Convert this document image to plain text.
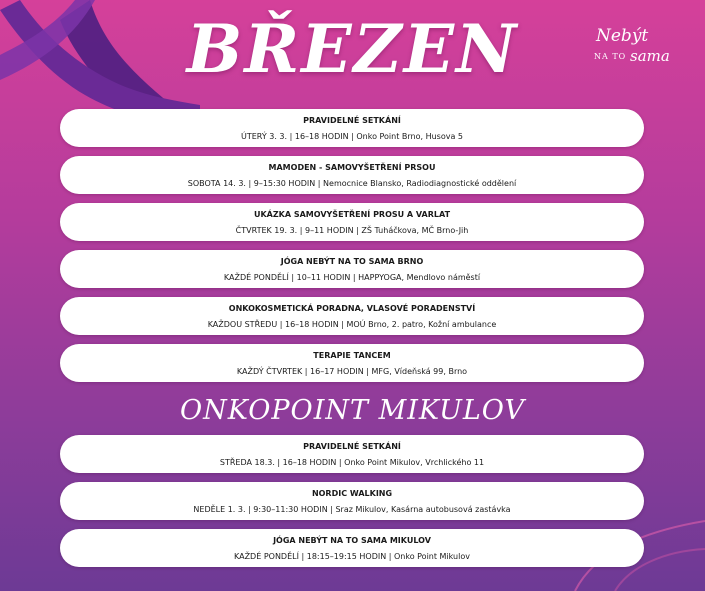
BŘEZEN	Nebýt
NA TO sama
PRAVIDELNÉ SETKÁNÍ
ÚTERÝ 3. 3. | 16–18 HODIN | Onko Point Brno, Husova 5
MAMODEN - SAMOVYŠETŘENÍ PRSOU
SOBOTA 14. 3. | 9–15:30 HODIN | Nemocnice Blansko, Radiodiagnostické oddělení
UKÁZKA SAMOVYŠETŘENÍ PROSU A VARLAT
ČTVRTEK 19. 3. | 9–11 HODIN | ZŠ Tuháčkova, MČ Brno-Jih
JÓGA NEBÝT NA TO SAMA BRNO
KAŽDÉ PONDĚLÍ | 10–11 HODIN | HAPPYOGA, Mendlovo náměstí
ONKOKOSMETICKÁ PORADNA, VLASOVÉ PORADENSTVÍ
KAŽDOU STŘEDU | 16–18 HODIN | MOÚ Brno, 2. patro, Kožní ambulance
TERAPIE TANCEM
KAŽDÝ ČTVRTEK | 16–17 HODIN | MFG, Vídeňská 99, Brno
ONKOPOINT MIKULOV
PRAVIDELNÉ SETKÁNÍ
STŘEDA 18.3. | 16–18 HODIN | Onko Point Mikulov, Vrchlického 11
NORDIC WALKING
NEDĚLE 1. 3. | 9:30–11:30 HODIN | Sraz Mikulov, Kasárna autobusová zastávka
JÓGA NEBÝT NA TO SAMA MIKULOV
KAŽDÉ PONDĚLÍ | 18:15–19:15 HODIN | Onko Point Mikulov
